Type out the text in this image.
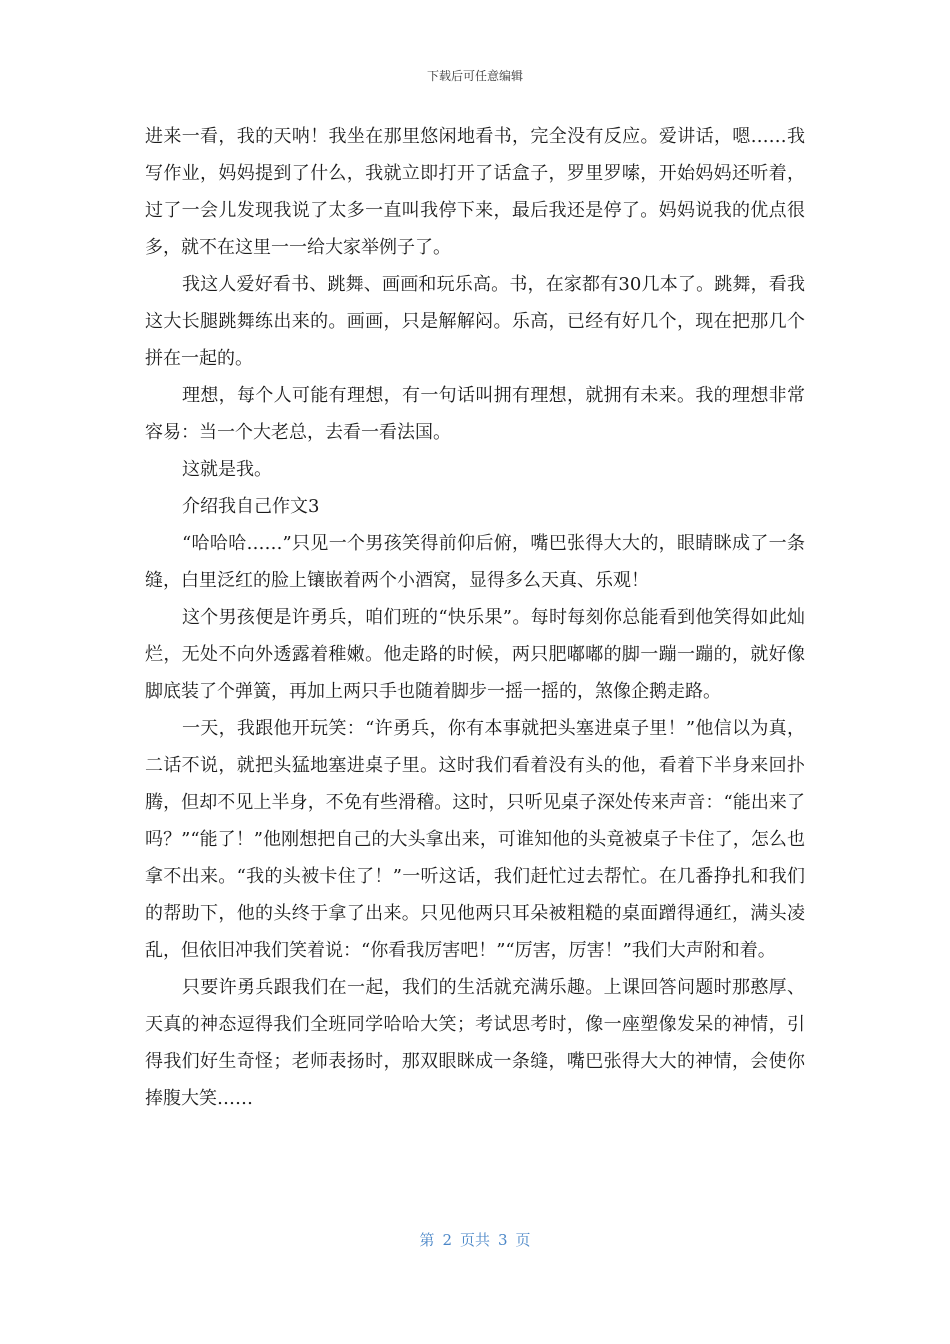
下载后可任意编辑

进来一看，我的天呐！我坐在那里悠闲地看书，完全没有反应。爱讲话，嗯……我写作业，妈妈提到了什么，我就立即打开了话盒子，罗里罗嗦，开始妈妈还听着，过了一会儿发现我说了太多一直叫我停下来，最后我还是停了。妈妈说我的优点很多，就不在这里一一给大家举例子了。

我这人爱好看书、跳舞、画画和玩乐高。书，在家都有30几本了。跳舞，看我这大长腿跳舞练出来的。画画，只是解解闷。乐高，已经有好几个，现在把那几个拼在一起的。

理想，每个人可能有理想，有一句话叫拥有理想，就拥有未来。我的理想非常容易：当一个大老总，去看一看法国。

这就是我。

介绍我自己作文3

“哈哈哈……”只见一个男孩笑得前仰后俯，嘴巴张得大大的，眼睛眯成了一条缝，白里泛红的脸上镶嵌着两个小酒窝，显得多么天真、乐观！

这个男孩便是许勇兵，咱们班的“快乐果”。每时每刻你总能看到他笑得如此灿烂，无处不向外透露着稚嫩。他走路的时候，两只肥嘟嘟的脚一蹦一蹦的，就好像脚底装了个弹簧，再加上两只手也随着脚步一摇一摇的，煞像企鹅走路。

一天，我跟他开玩笑：“许勇兵，你有本事就把头塞进桌子里！”他信以为真，二话不说，就把头猛地塞进桌子里。这时我们看着没有头的他，看着下半身来回扑腾，但却不见上半身，不免有些滑稽。这时，只听见桌子深处传来声音：“能出来了吗？”“能了！”他刚想把自己的大头拿出来，可谁知他的头竟被桌子卡住了，怎么也拿不出来。“我的头被卡住了！”一听这话，我们赶忙过去帮忙。在几番挣扎和我们的帮助下，他的头终于拿了出来。只见他两只耳朵被粗糙的桌面蹭得通红，满头凌乱，但依旧冲我们笑着说：“你看我厉害吧！”“厉害，厉害！”我们大声附和着。

只要许勇兵跟我们在一起，我们的生活就充满乐趣。上课回答问题时那憨厚、天真的神态逗得我们全班同学哈哈大笑；考试思考时，像一座塑像发呆的神情，引得我们好生奇怪；老师表扬时，那双眼眯成一条缝，嘴巴张得大大的神情，会使你捧腹大笑……

第 2 页共 3 页
